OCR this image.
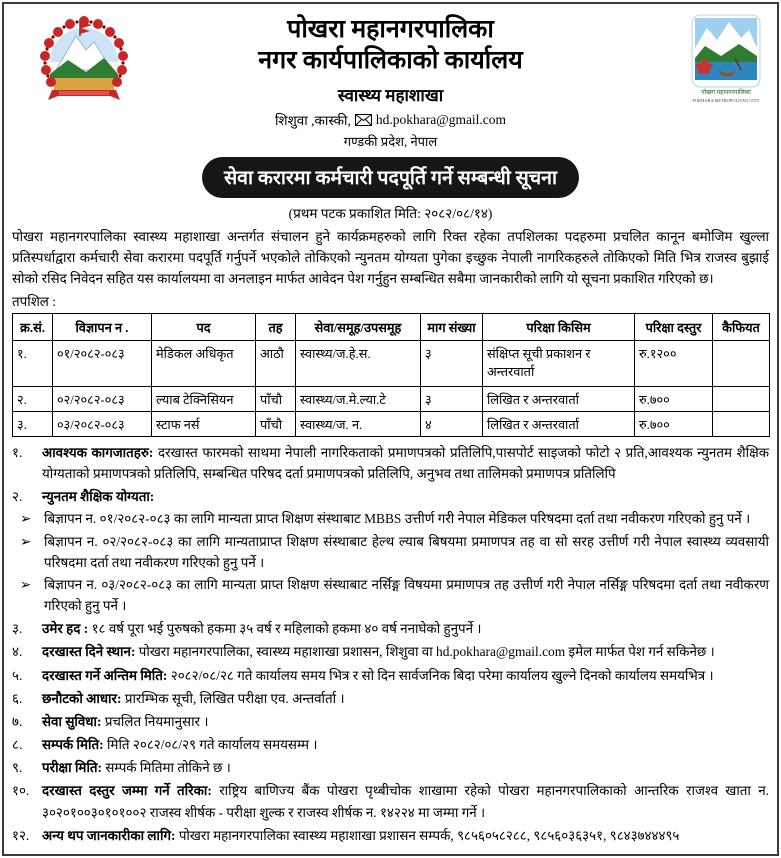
पोखरा महानगरपालिका
POKHARA METROPOLITAN CITY
पोखरा महानगरपालिका
नगर कार्यपालिकाको कार्यालय
स्वास्थ्य महाशाखा
शिशुवा ,कास्की, hd.pokhara@gmail.com
गण्डकी प्रदेश, नेपाल
सेवा करारमा कर्मचारी पदपूर्ति गर्ने सम्बन्धी सूचना
(प्रथम पटक प्रकाशित मिति: २०८२/०८/१४)
पोखरा महानगरपालिका स्वास्थ्य महाशाखा अन्तर्गत संचालन हुने कार्यक्रमहरुको लागि रिक्त रहेका तपशिलका पदहरुमा प्रचलित कानून बमोजिम खुल्ला प्रतिस्पर्धाद्वारा कर्मचारी सेवा करारमा पदपूर्ति गर्नुपर्ने भएकोले तोकिएको न्युनतम योग्यता पुगेका इच्छुक नेपाली नागरिकहरुले तोकिएको मिति भित्र राजस्व बुझाई सोको रसिद निवेदन सहित यस कार्यालयमा वा अनलाइन मार्फत आवेदन पेश गर्नुहुन सम्बन्धित सबैमा जानकारीको लागि यो सूचना प्रकाशित गरिएको छ।
तपशिल :
क्र.सं.	विज्ञापन न .	पद	तह	सेवा/समूह/उपसमूह	माग संख्या	परिक्षा किसिम	परिक्षा दस्तुर	कैफियत
१.	०१/२०८२-०८३	मेडिकल अधिकृत	आठौ	स्वास्थ्य/ज.हे.स.	३	संक्षिप्त सूची प्रकाशन र अन्तरवार्ता	रु.१२००	
२.	०२/२०८२-०८३	ल्याब टेक्निसियन	पाँचौ	स्वास्थ्य/ज.मे.ल्या.टे	३	लिखित र अन्तरवार्ता	रु.७००	
३.	०३/२०८२-०८३	स्टाफ नर्स	पाँचौ	स्वास्थ्य/ज. न.	४	लिखित र अन्तरवार्ता	रु.७००	
१.	आवश्यक कागजातहरु: दरखास्त फारमको साथमा नेपाली नागरिकताको प्रमाणपत्रको प्रतिलिपि,पासपोर्ट साइजको फोटो २ प्रति,आवश्यक न्युनतम शैक्षिक योग्यताको प्रमाणपत्रको प्रतिलिपि, सम्बन्धित परिषद दर्ता प्रमाणपत्रको प्रतिलिपि, अनुभव तथा तालिमको प्रमाणपत्र प्रतिलिपि
२.	न्युनतम शैक्षिक योग्यता:
➢ बिज्ञापन न. ०१/२०८२-०८३ का लागि मान्यता प्राप्त शिक्षण संस्थाबाट MBBS उत्तीर्ण गरी नेपाल मेडिकल परिषदमा दर्ता तथा नवीकरण गरिएको हुनु पर्ने ।
➢ बिज्ञापन न. ०२/२०८२-०८३ का लागि मान्यताप्राप्त शिक्षण संस्थाबाट हेल्थ ल्याब बिषयमा प्रमाणपत्र तह वा सो सरह उत्तीर्ण गरी नेपाल स्वास्थ्य व्यवसायी परिषदमा दर्ता तथा नवीकरण गरिएको हुनु पर्ने ।
➢ बिज्ञापन न. ०३/२०८२-०८३ का लागि मान्यता प्राप्त शिक्षण संस्थाबाट नर्सिङ्ग विषयमा प्रमाणपत्र तह उत्तीर्ण गरी नेपाल नर्सिङ्ग परिषदमा दर्ता तथा नवीकरण गरिएको हुनु पर्ने ।
३.	उमेर हद : १८ वर्ष पूरा भई पुरुषको हकमा ३५ वर्ष र महिलाको हकमा ४० वर्ष ननाघेको हुनुपर्ने ।
४.	दरखास्त दिने स्थान: पोखरा महानगरपालिका, स्वास्थ्य महाशाखा प्रशासन, शिशुवा वा hd.pokhara@gmail.com इमेल मार्फत पेश गर्न सकिनेछ ।
५.	दरखास्त गर्ने अन्तिम मिति: २०८२/०८/२८ गते कार्यालय समय भित्र र सो दिन सार्वजनिक बिदा परेमा कार्यालय खुल्ने दिनको कार्यालय समयभित्र ।
६.	छनौटको आधार: प्रारम्भिक सूची, लिखित परीक्षा एव. अन्तर्वार्ता ।
७.	सेवा सुविधा: प्रचलित नियमानुसार ।
८.	सम्पर्क मिति: मिति २०८२/०८/२९ गते कार्यालय समयसम्म ।
९.	परीक्षा मिति: सम्पर्क मितिमा तोकिने छ ।
१०. दरखास्त दस्तुर जम्मा गर्ने तरिका: राष्ट्रिय बाणिज्य बैंक पोखरा पृथ्बीचोक शाखामा रहेको पोखरा महानगरपालिकाको आन्तरिक राजश्व खाता न. ३०२०१००३०१०१००२ राजस्व शीर्षक - परीक्षा शुल्क र राजस्व शीर्षक न. १४२२४ मा जम्मा गर्ने ।
१२. अन्य थप जानकारीका लागि: पोखरा महानगरपालिका स्वास्थ्य महाशाखा प्रशासन सम्पर्क, ९८५६०५८२८८, ९८५६०३६३५१, ९८४३७४४४९५
